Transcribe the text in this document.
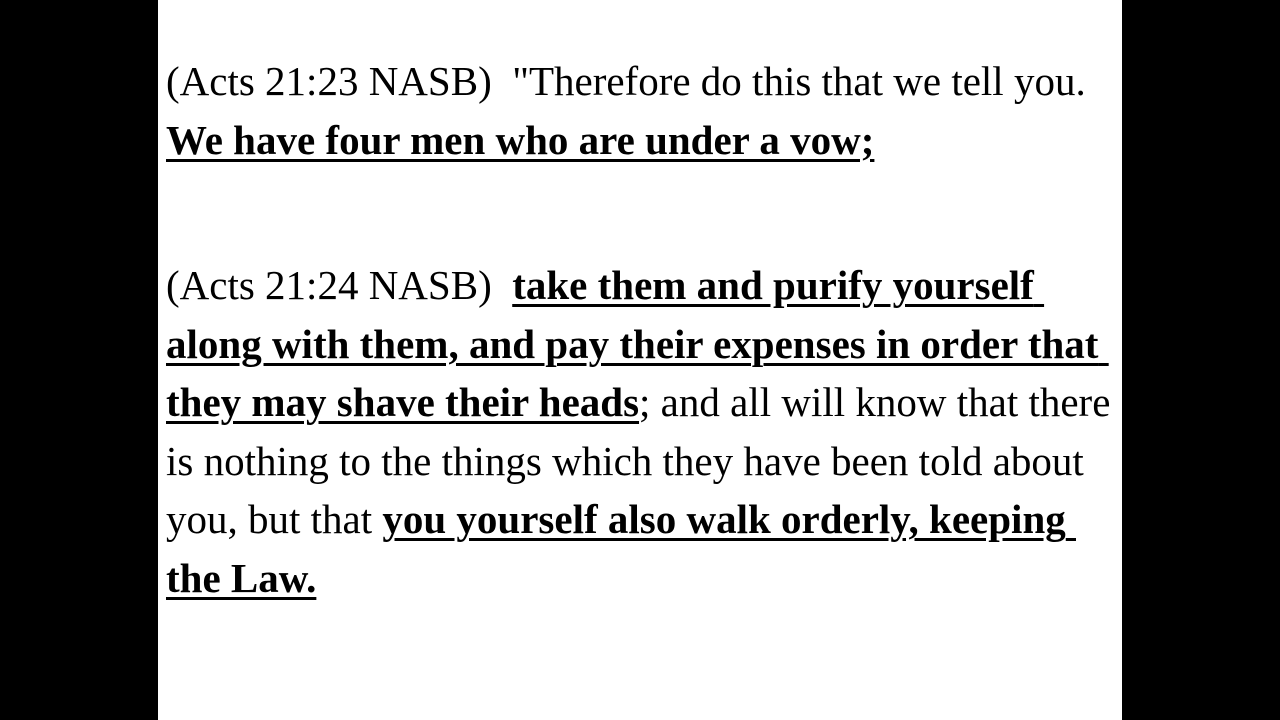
(Acts 21:23 NASB)  "Therefore do this that we tell you. We have four men who are under a vow;

(Acts 21:24 NASB)  take them and purify yourself along with them, and pay their expenses in order that they may shave their heads; and all will know that there is nothing to the things which they have been told about you, but that you yourself also walk orderly, keeping the Law.
